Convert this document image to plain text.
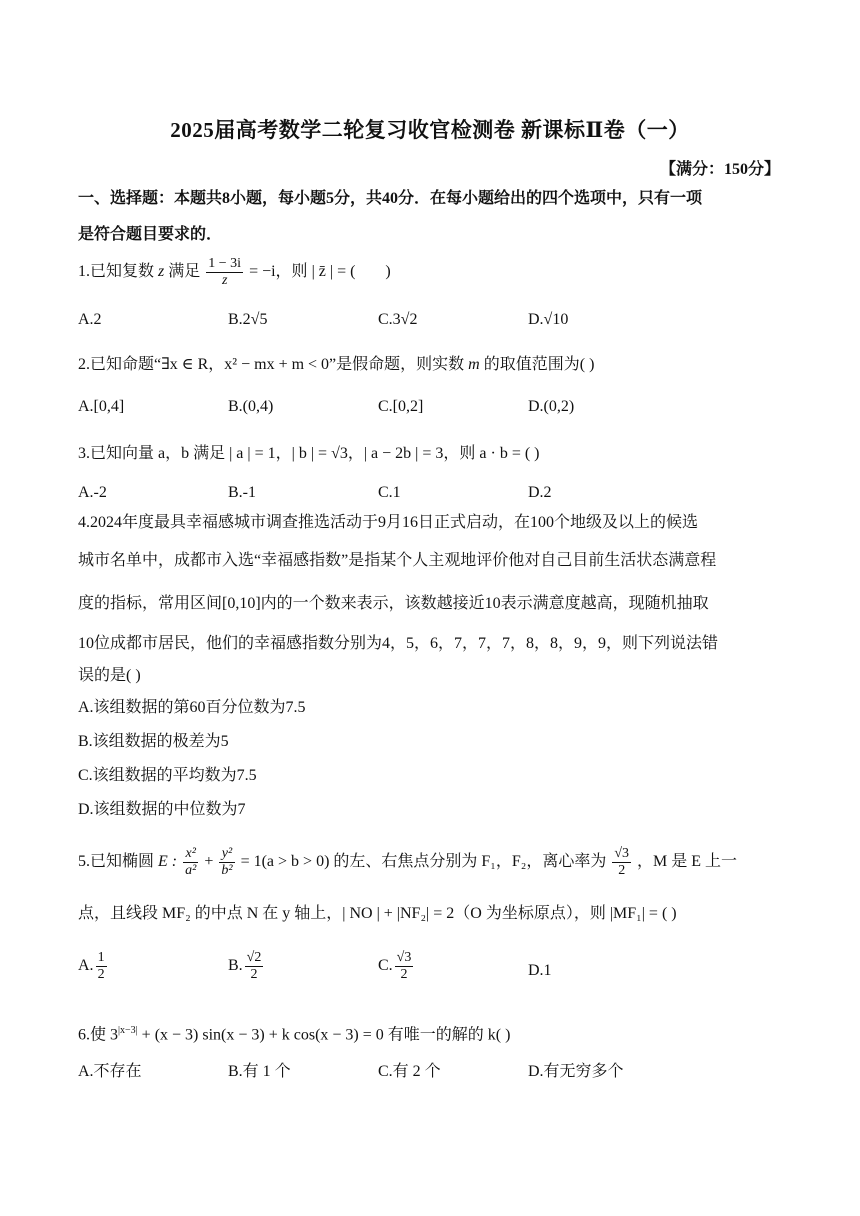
2025届高考数学二轮复习收官检测卷 新课标Ⅱ卷（一）
【满分：150分】
一、选择题：本题共8小题，每小题5分，共40分．在每小题给出的四个选项中，只有一项
是符合题目要求的．
1.已知复数 z 满足 $\frac{1 - 3i}{z} = -i$，则 | z̄ | = ( )
A.2	B.2√5	C.3√2	D.√10
2.已知命题“∃x ∈ R，x² − mx + m < 0”是假命题，则实数 m 的取值范围为( )
A.[0,4]	B.(0,4)	C.[0,2]	D.(0,2)
3.已知向量 a，b 满足 | a | = 1，| b | = √3，| a − 2b | = 3，则 a · b = ( )
A.-2	B.-1	C.1	D.2
4.2024年度最具幸福感城市调查推选活动于9月16日正式启动，在100个地级及以上的候选
城市名单中，成都市入选“幸福感指数”是指某个人主观地评价他对自己目前生活状态满意程
度的指标，常用区间[0,10]内的一个数来表示，该数越接近10表示满意度越高，现随机抽取
10位成都市居民，他们的幸福感指数分别为4，5，6，7，7，7，8，8，9，9，则下列说法错
误的是( )
A.该组数据的第60百分位数为7.5
B.该组数据的极差为5
C.该组数据的平均数为7.5
D.该组数据的中位数为7
5.已知椭圆 E : $\frac{\text{x²}}{\text{a²}} + \frac{\text{y²}}{\text{b²}} = 1(a > b > 0)$ 的左、右焦点分别为 F₁，F₂，离心率为 $\frac{√3}{2}$ ，M 是 E 上一
点，且线段 MF₂ 的中点 N 在 y 轴上，| NO | + |NF₂| = 2（O 为坐标原点），则 |MF₁| = ( )
A. $\frac{1}{2}$	B. $\frac{√2}{2}$	C. $\frac{√3}{2}$	D.1
6.使 $3^{|x-3|} + (x - 3) \sin(x - 3) + k$ cos(x − 3) = 0 有唯一的解的 k( )
A.不存在	B.有 1 个	C.有 2 个	D.有无穷多个
